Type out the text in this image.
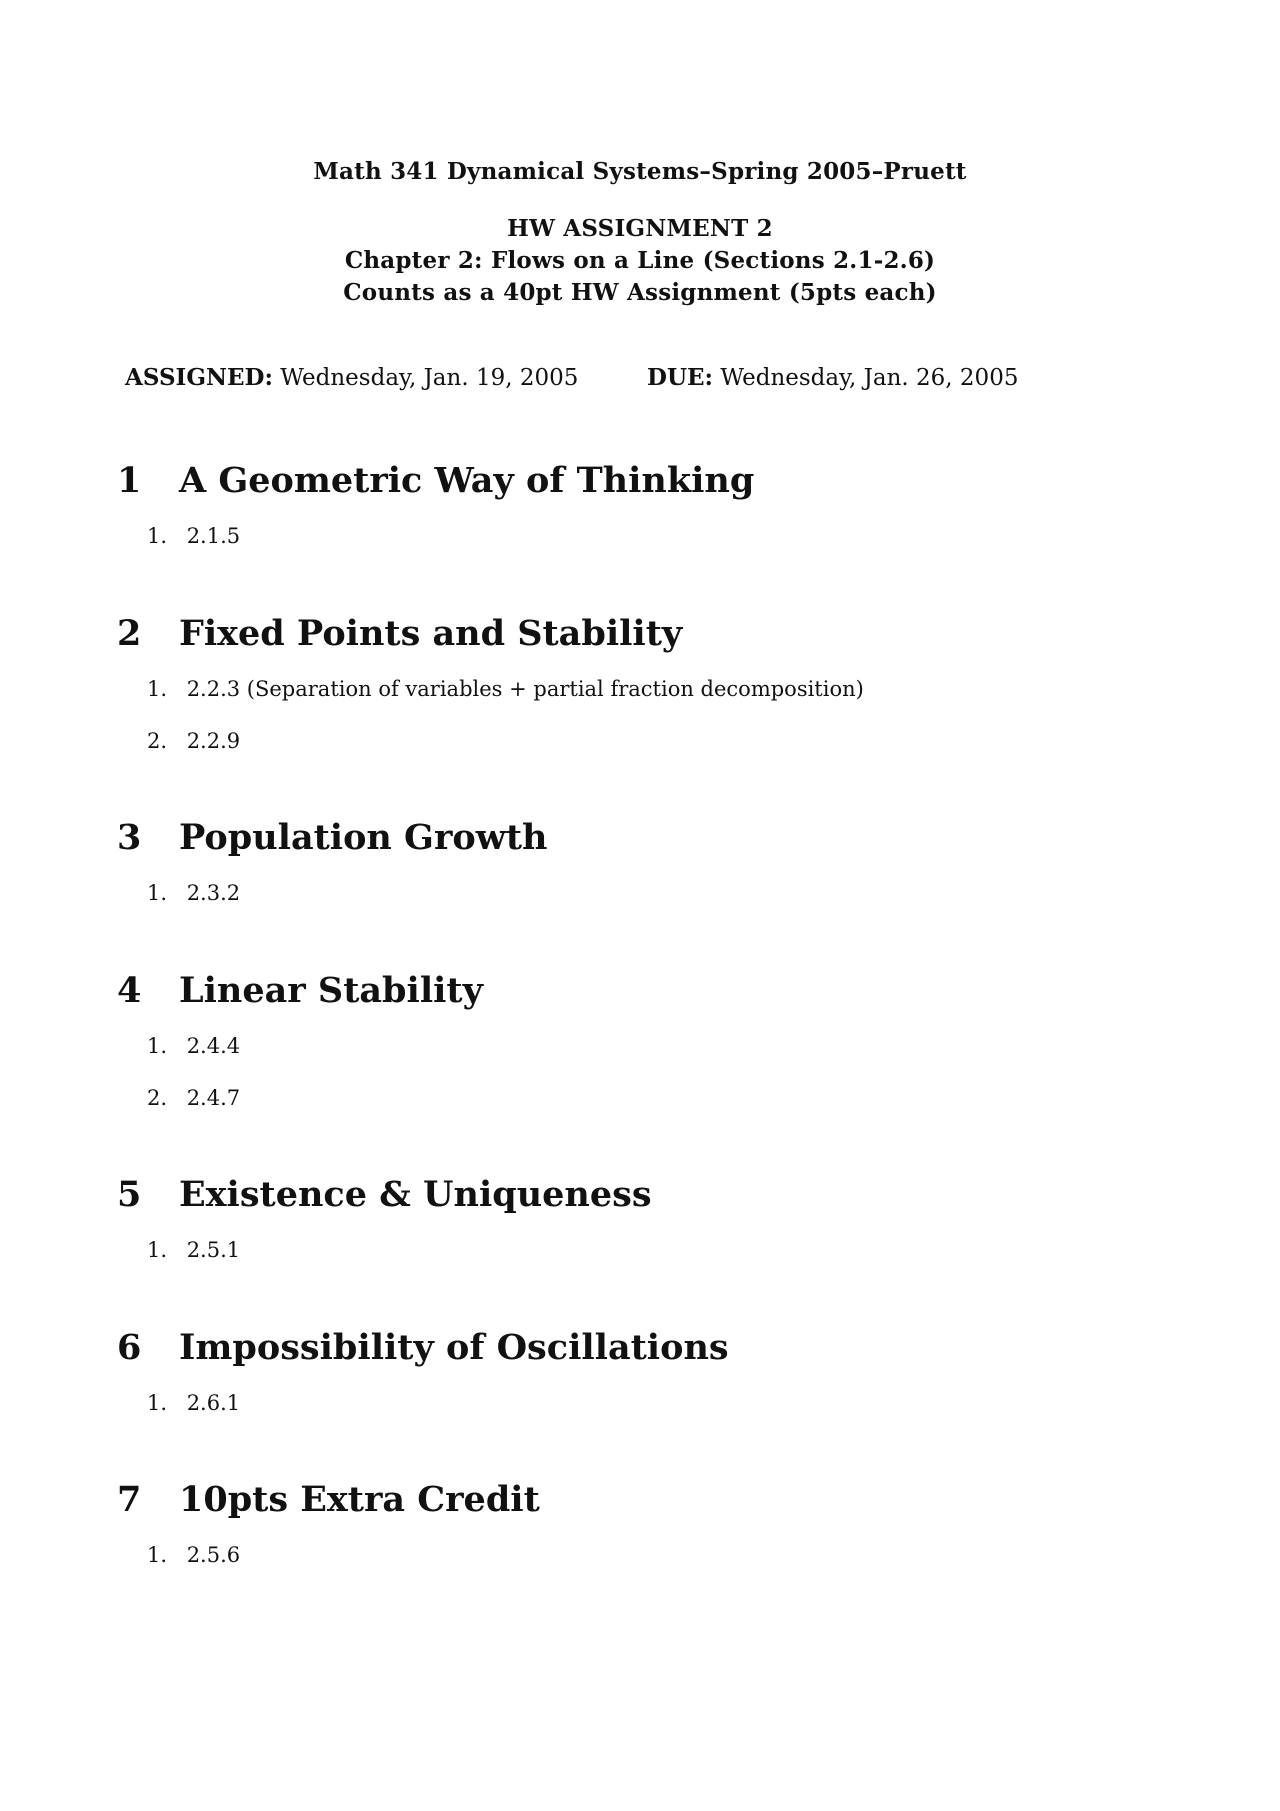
Math 341 Dynamical Systems–Spring 2005–Pruett
HW ASSIGNMENT 2
Chapter 2: Flows on a Line (Sections 2.1-2.6)
Counts as a 40pt HW Assignment (5pts each)
ASSIGNED: Wednesday, Jan. 19, 2005	DUE: Wednesday, Jan. 26, 2005
1 A Geometric Way of Thinking
1. 2.1.5
2 Fixed Points and Stability
1. 2.2.3 (Separation of variables + partial fraction decomposition)
2. 2.2.9
3 Population Growth
1. 2.3.2
4 Linear Stability
1. 2.4.4
2. 2.4.7
5 Existence & Uniqueness
1. 2.5.1
6 Impossibility of Oscillations
1. 2.6.1
7 10pts Extra Credit
1. 2.5.6
